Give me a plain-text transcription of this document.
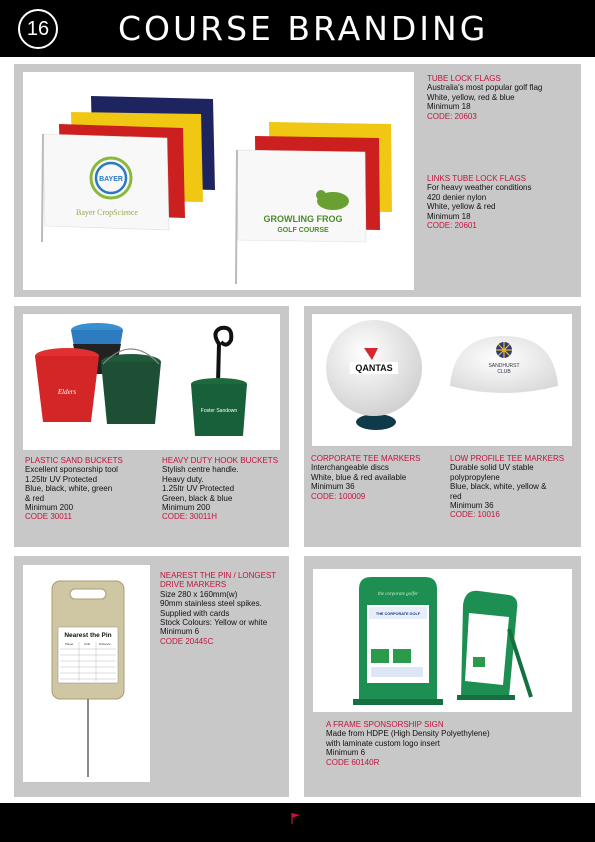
16 COURSE BRANDING
BAYER
Bayer CropScience
GROWLING FROG
GOLF COURSE
TUBE LOCK FLAGS
Australia's most popular golf flag
White, yellow, red & blue
Minimum 18
CODE: 20603
LINKS TUBE LOCK FLAGS
For heavy weather conditions
420 denier nylon
White, yellow & red
Minimum 18
CODE: 20601
Elders
Foster Sandown
PLASTIC SAND BUCKETS
Excellent sponsorship tool
1.25ltr UV Protected
Blue, black, white, green
& red
Minimum 200
CODE 30011
HEAVY DUTY HOOK BUCKETS
Stylish centre handle.
Heavy duty.
1.25ltr UV Protected
Green, black & blue
Minimum 200
CODE: 30011H
QANTAS	SANDHURST
CLUB
CORPORATE TEE MARKERS
Interchangeable discs
White, blue & red available
Minimum 36
CODE: 100009
LOW PROFILE TEE MARKERS
Durable solid UV stable
polypropylene
Blue, black, white, yellow &
red
Minimum 36
CODE: 10016
Nearest the Pin
Player	Club	Distance
NEAREST THE PIN / LONGEST
DRIVE MARKERS
Size 280 x 160mm(w)
90mm stainless steel spikes.
Supplied with cards
Stock Colours: Yellow or white
Minimum 6
CODE 20445C
the corporate golfer
THE CORPORATE GOLF
A FRAME SPONSORSHIP SIGN
Made from HDPE (High Density Polyethylene)
with laminate custom logo insert
Minimum 6
CODE 60140R
